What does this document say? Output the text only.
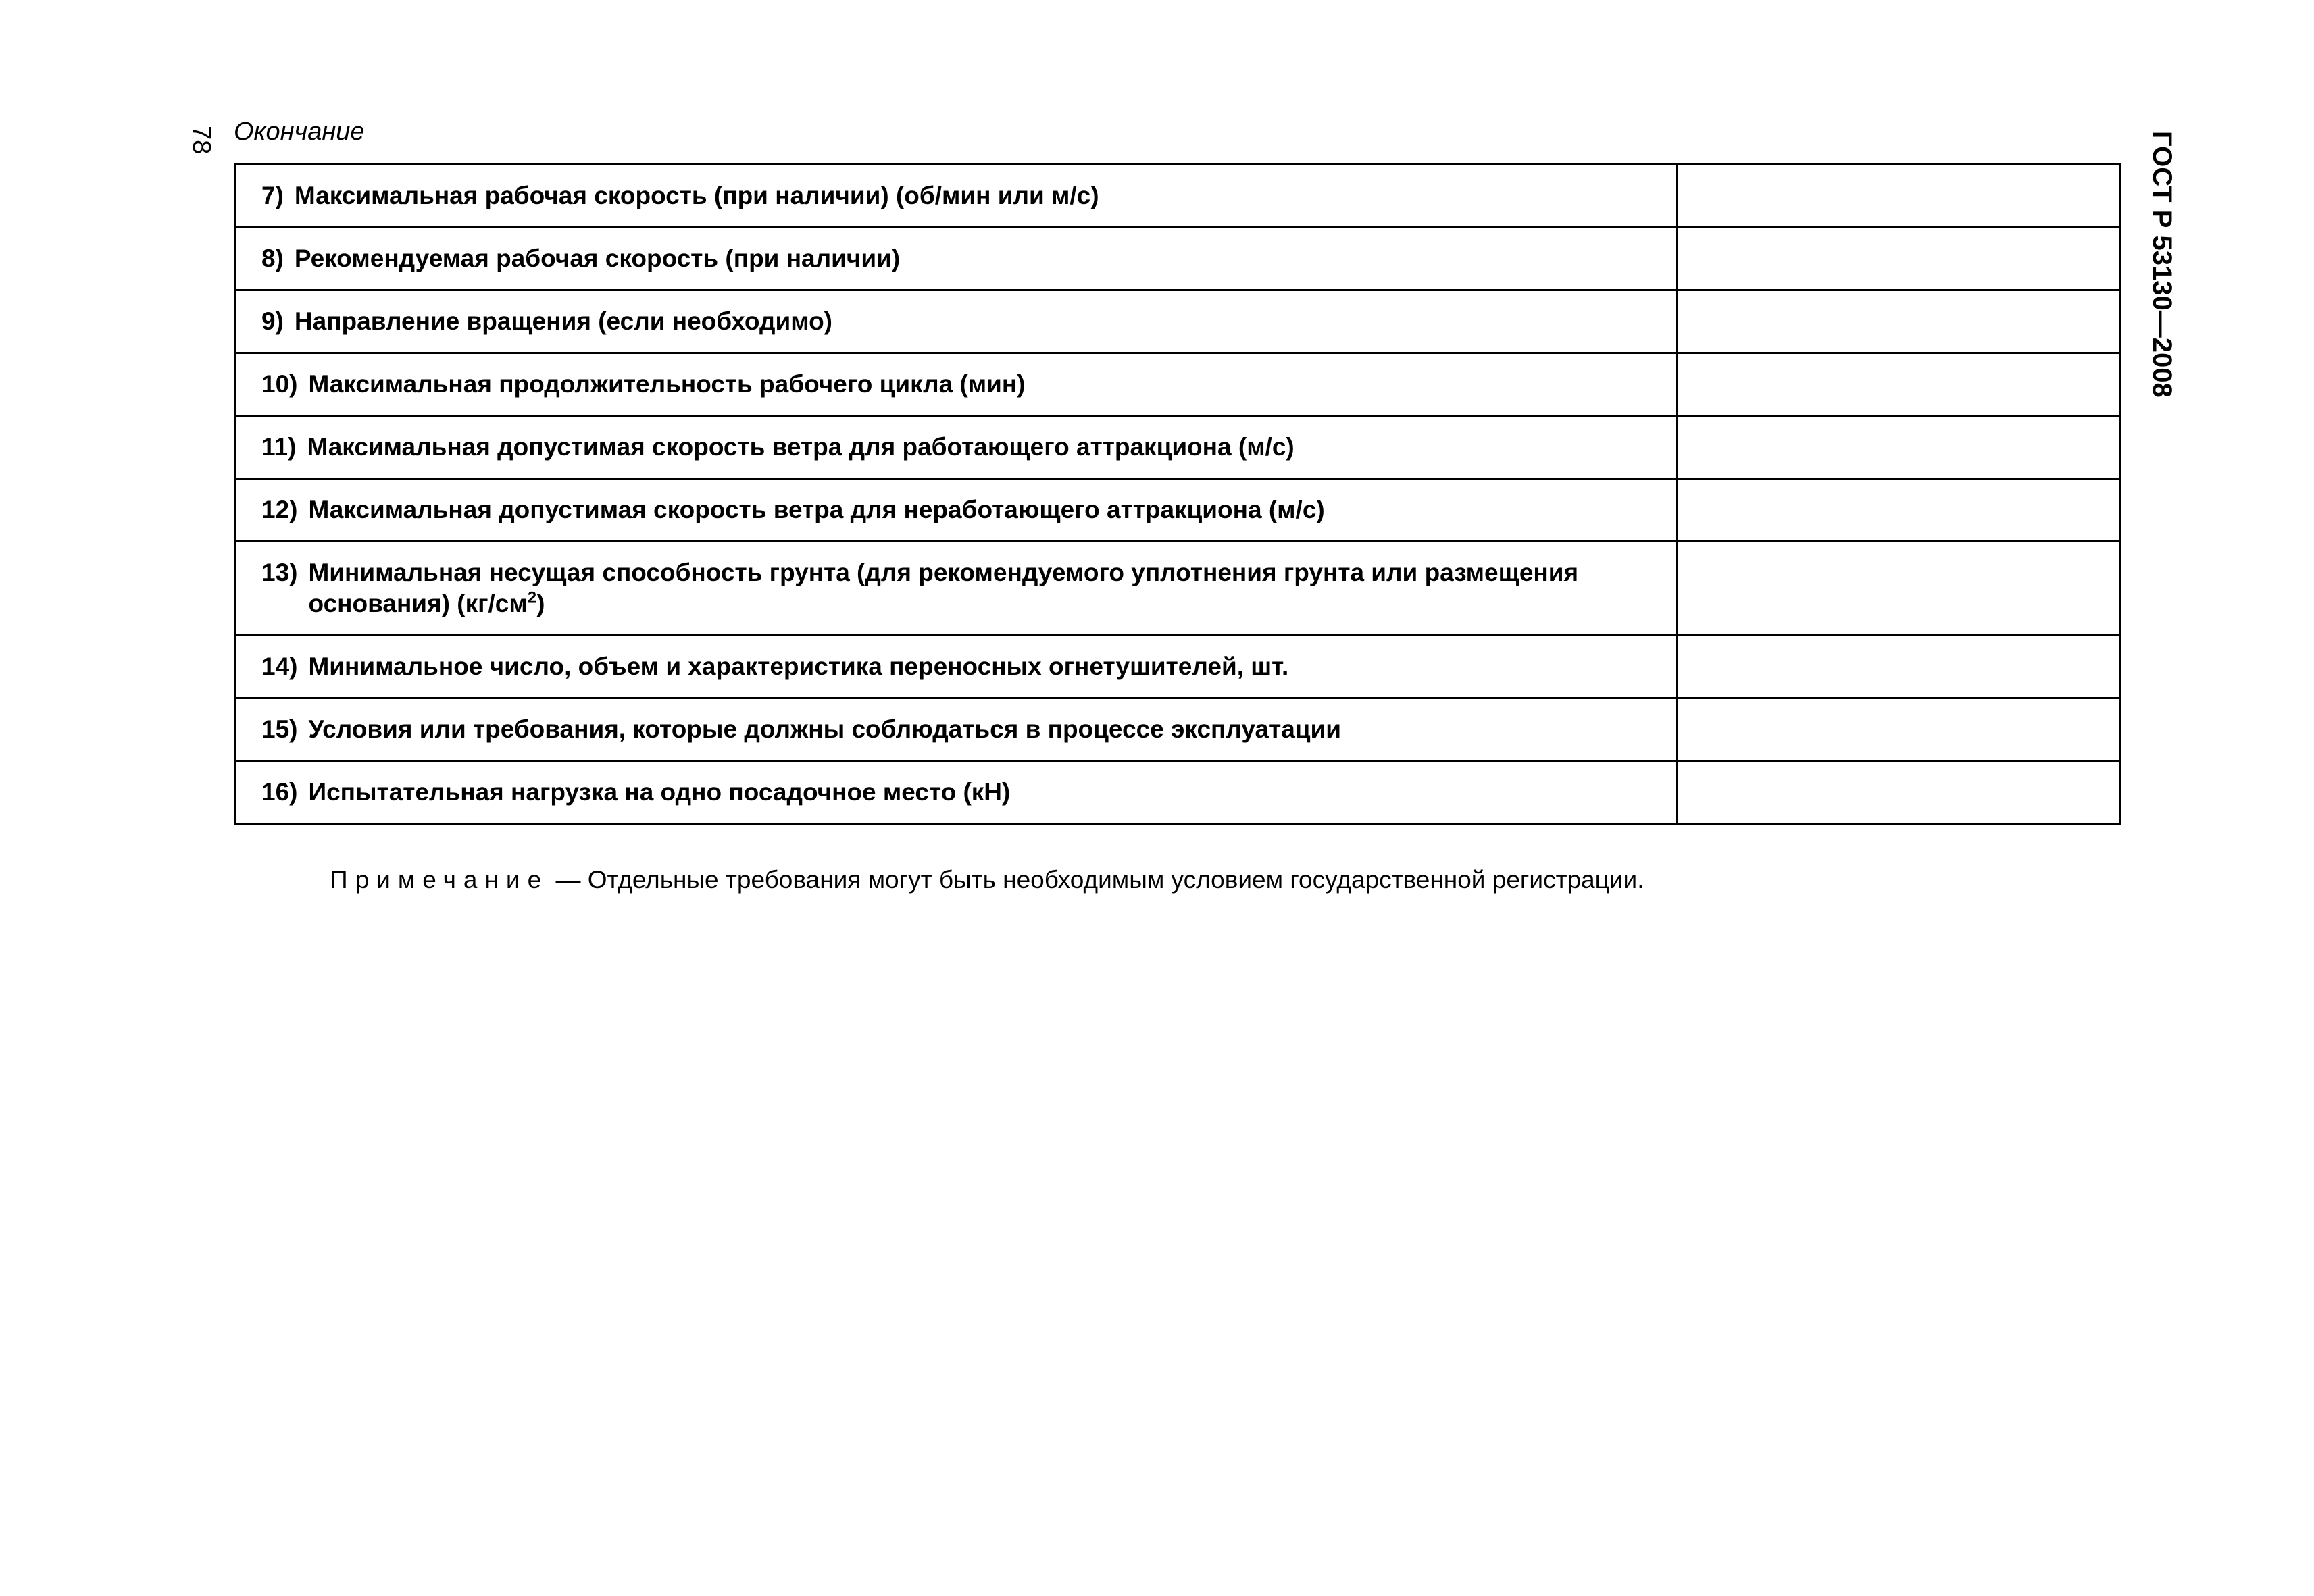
78 Окончание	ГОСТ Р 53130—2008
7) Максимальная рабочая скорость (при наличии) (об/мин или м/с)	

8) Рекомендуемая рабочая скорость (при наличии)	

9) Направление вращения (если необходимо)	

10) Максимальная продолжительность рабочего цикла (мин)	

11) Максимальная допустимая скорость ветра для работающего аттракциона (м/с)	

12) Максимальная допустимая скорость ветра для неработающего аттракциона (м/с)	

13) Минимальная несущая способность грунта (для рекомендуемого уплотнения грунта или размещения основания) $(кг/см^2)$	

14) Минимальное число, объем и характеристика переносных огнетушителей, шт.	

15) Условия или требования, которые должны соблюдаться в процессе эксплуатации	

16) Испытательная нагрузка на одно посадочное место (кН)	

Примечание — Отдельные требования могут быть необходимым условием государственной регистрации.
